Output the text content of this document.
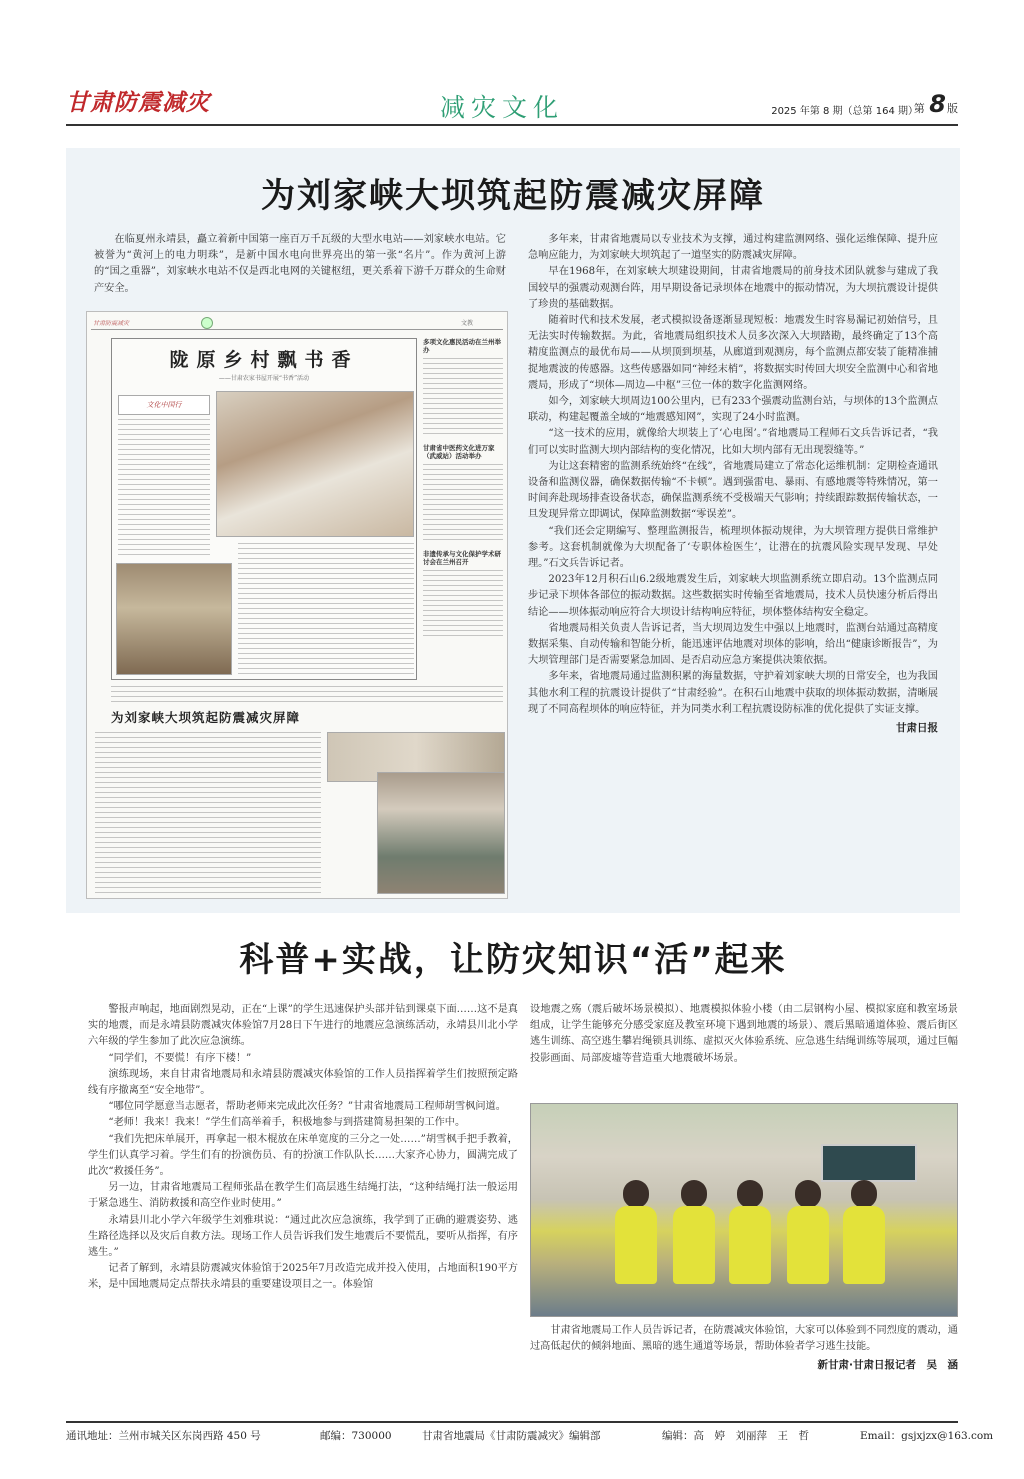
甘肃防震减灾	减灾文化	2025 年第 8 期（总第 164 期）
第 8版
为刘家峡大坝筑起防震减灾屏障

在临夏州永靖县，矗立着新中国第一座百万千瓦级的大型水电站——刘家峡水电站。它被誉为“黄河上的电力明珠”，是新中国水电向世界亮出的第一张“名片”。作为黄河上游的“国之重器”，刘家峡水电站不仅是西北电网的关键枢纽，更关系着下游千万群众的生命财产安全。

甘肃防震减灾	文教
陇原乡村飘书香
——甘肃农家书屋开展“书香”活动
文化中国行
多项文化惠民活动在兰州举办
甘肃省中医药文化进万家（武威站）活动举办
非遗传承与文化保护学术研讨会在兰州召开
为刘家峡大坝筑起防震减灾屏障

多年来，甘肃省地震局以专业技术为支撑，通过构建监测网络、强化运维保障、提升应急响应能力，为刘家峡大坝筑起了一道坚实的防震减灾屏障。

早在1968年，在刘家峡大坝建设期间，甘肃省地震局的前身技术团队就参与建成了我国较早的强震动观测台阵，用早期设备记录坝体在地震中的振动情况，为大坝抗震设计提供了珍贵的基础数据。

随着时代和技术发展，老式模拟设备逐渐显现短板：地震发生时容易漏记初始信号，且无法实时传输数据。为此，省地震局组织技术人员多次深入大坝踏勘，最终确定了13个高精度监测点的最优布局——从坝顶到坝基，从廊道到观测房，每个监测点都安装了能精准捕捉地震波的传感器。这些传感器如同“神经末梢”，将数据实时传回大坝安全监测中心和省地震局，形成了“坝体—周边—中枢”三位一体的数字化监测网络。

如今，刘家峡大坝周边100公里内，已有233个强震动监测台站，与坝体的13个监测点联动，构建起覆盖全域的“地震感知网”，实现了24小时监测。

“这一技术的应用，就像给大坝装上了‘心电图’。”省地震局工程师石文兵告诉记者，“我们可以实时监测大坝内部结构的变化情况，比如大坝内部有无出现裂缝等。”

为让这套精密的监测系统始终“在线”，省地震局建立了常态化运维机制：定期检查通讯设备和监测仪器，确保数据传输“不卡顿”。遇到强雷电、暴雨、有感地震等特殊情况，第一时间奔赴现场排查设备状态，确保监测系统不受极端天气影响；持续跟踪数据传输状态，一旦发现异常立即调试，保障监测数据“零误差”。

“我们还会定期编写、整理监测报告，梳理坝体振动规律，为大坝管理方提供日常维护参考。这套机制就像为大坝配备了‘专职体检医生’，让潜在的抗震风险实现早发现、早处理。”石文兵告诉记者。

2023年12月积石山6.2级地震发生后，刘家峡大坝监测系统立即启动。13个监测点同步记录下坝体各部位的振动数据。这些数据实时传输至省地震局，技术人员快速分析后得出结论——坝体振动响应符合大坝设计结构响应特征，坝体整体结构安全稳定。

省地震局相关负责人告诉记者，当大坝周边发生中强以上地震时，监测台站通过高精度数据采集、自动传输和智能分析，能迅速评估地震对坝体的影响，给出“健康诊断报告”，为大坝管理部门是否需要紧急加固、是否启动应急方案提供决策依据。

多年来，省地震局通过监测积累的海量数据，守护着刘家峡大坝的日常安全，也为我国其他水利工程的抗震设计提供了“甘肃经验”。在积石山地震中获取的坝体振动数据，清晰展现了不同高程坝体的响应特征，并为同类水利工程抗震设防标准的优化提供了实证支撑。

甘肃日报
科普+实战，让防灾知识“活”起来

警报声响起，地面剧烈晃动，正在“上课”的学生迅速保护头部并钻到课桌下面……这不是真实的地震，而是永靖县防震减灾体验馆7月28日下午进行的地震应急演练活动，永靖县川北小学六年级的学生参加了此次应急演练。

“同学们，不要慌！有序下楼！”

演练现场，来自甘肃省地震局和永靖县防震减灾体验馆的工作人员指挥着学生们按照预定路线有序撤离至“安全地带”。

“哪位同学愿意当志愿者，帮助老师来完成此次任务？”甘肃省地震局工程师胡雪枫问道。

“老师！我来！我来！”学生们高举着手，积极地参与到搭建简易担架的工作中。

“我们先把床单展开，再拿起一根木棍放在床单宽度的三分之一处……”胡雪枫手把手教着，学生们认真学习着。学生们有的扮演伤员、有的扮演工作队队长……大家齐心协力，圆满完成了此次“救援任务”。

另一边，甘肃省地震局工程师张晶在教学生们高层逃生结绳打法，“这种结绳打法一般运用于紧急逃生、消防救援和高空作业时使用。”

永靖县川北小学六年级学生刘雅琪说：“通过此次应急演练，我学到了正确的避震姿势、逃生路径选择以及灾后自救方法。现场工作人员告诉我们发生地震后不要慌乱，要听从指挥，有序逃生。”

记者了解到，永靖县防震减灾体验馆于2025年7月改造完成并投入使用，占地面积190平方米，是中国地震局定点帮扶永靖县的重要建设项目之一。体验馆

设地震之殇（震后破坏场景模拟）、地震模拟体验小楼（由二层钢构小屋、模拟家庭和教室场景组成，让学生能够充分感受家庭及教室环境下遇到地震的场景）、震后黑暗通道体验、震后街区逃生训练、高空逃生攀岩绳锁具训练、虚拟灭火体验系统、应急逃生结绳训练等展项，通过巨幅投影画面、局部废墟等营造重大地震破坏场景。

甘肃省地震局工作人员告诉记者，在防震减灾体验馆，大家可以体验到不同烈度的震动，通过高低起伏的倾斜地面、黑暗的逃生通道等场景，帮助体验者学习逃生技能。

新甘肃·甘肃日报记者　吴　涵
通讯地址：兰州市城关区东岗西路 450 号	邮编：730000	甘肃省地震局《甘肃防震减灾》编辑部	编辑：高　婷　刘丽萍　王　哲	Email：gsjxjzx@163.com
